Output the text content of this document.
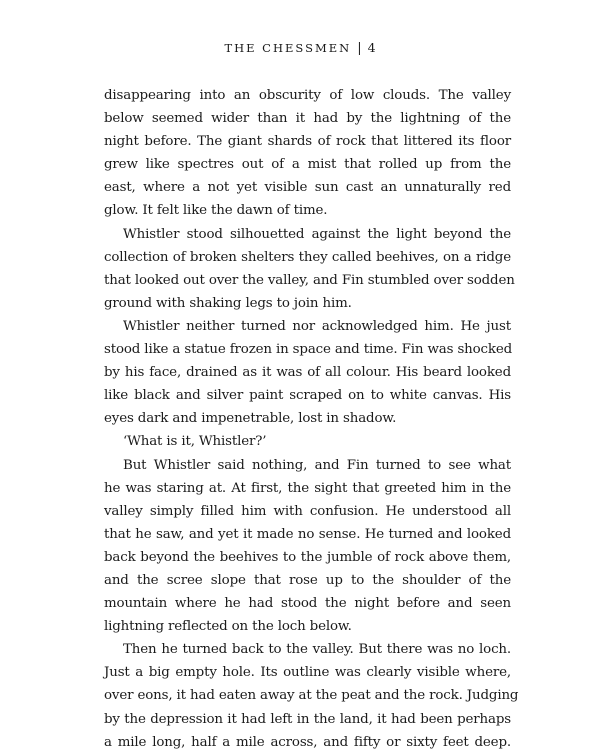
THE CHESSMEN | 4

disappearing into an obscurity of low clouds. The valley
below seemed wider than it had by the lightning of the
night before. The giant shards of rock that littered its floor
grew like spectres out of a mist that rolled up from the
east, where a not yet visible sun cast an unnaturally red
glow. It felt like the dawn of time.

Whistler stood silhouetted against the light beyond the
collection of broken shelters they called beehives, on a ridge
that looked out over the valley, and Fin stumbled over sodden
ground with shaking legs to join him.

Whistler neither turned nor acknowledged him. He just
stood like a statue frozen in space and time. Fin was shocked
by his face, drained as it was of all colour. His beard looked
like black and silver paint scraped on to white canvas. His
eyes dark and impenetrable, lost in shadow.

‘What is it, Whistler?’

But Whistler said nothing, and Fin turned to see what
he was staring at. At first, the sight that greeted him in the
valley simply filled him with confusion. He understood all
that he saw, and yet it made no sense. He turned and looked
back beyond the beehives to the jumble of rock above them,
and the scree slope that rose up to the shoulder of the
mountain where he had stood the night before and seen
lightning reflected on the loch below.

Then he turned back to the valley. But there was no loch.
Just a big empty hole. Its outline was clearly visible where,
over eons, it had eaten away at the peat and the rock. Judging
by the depression it had left in the land, it had been perhaps
a mile long, half a mile across, and fifty or sixty feet deep.
